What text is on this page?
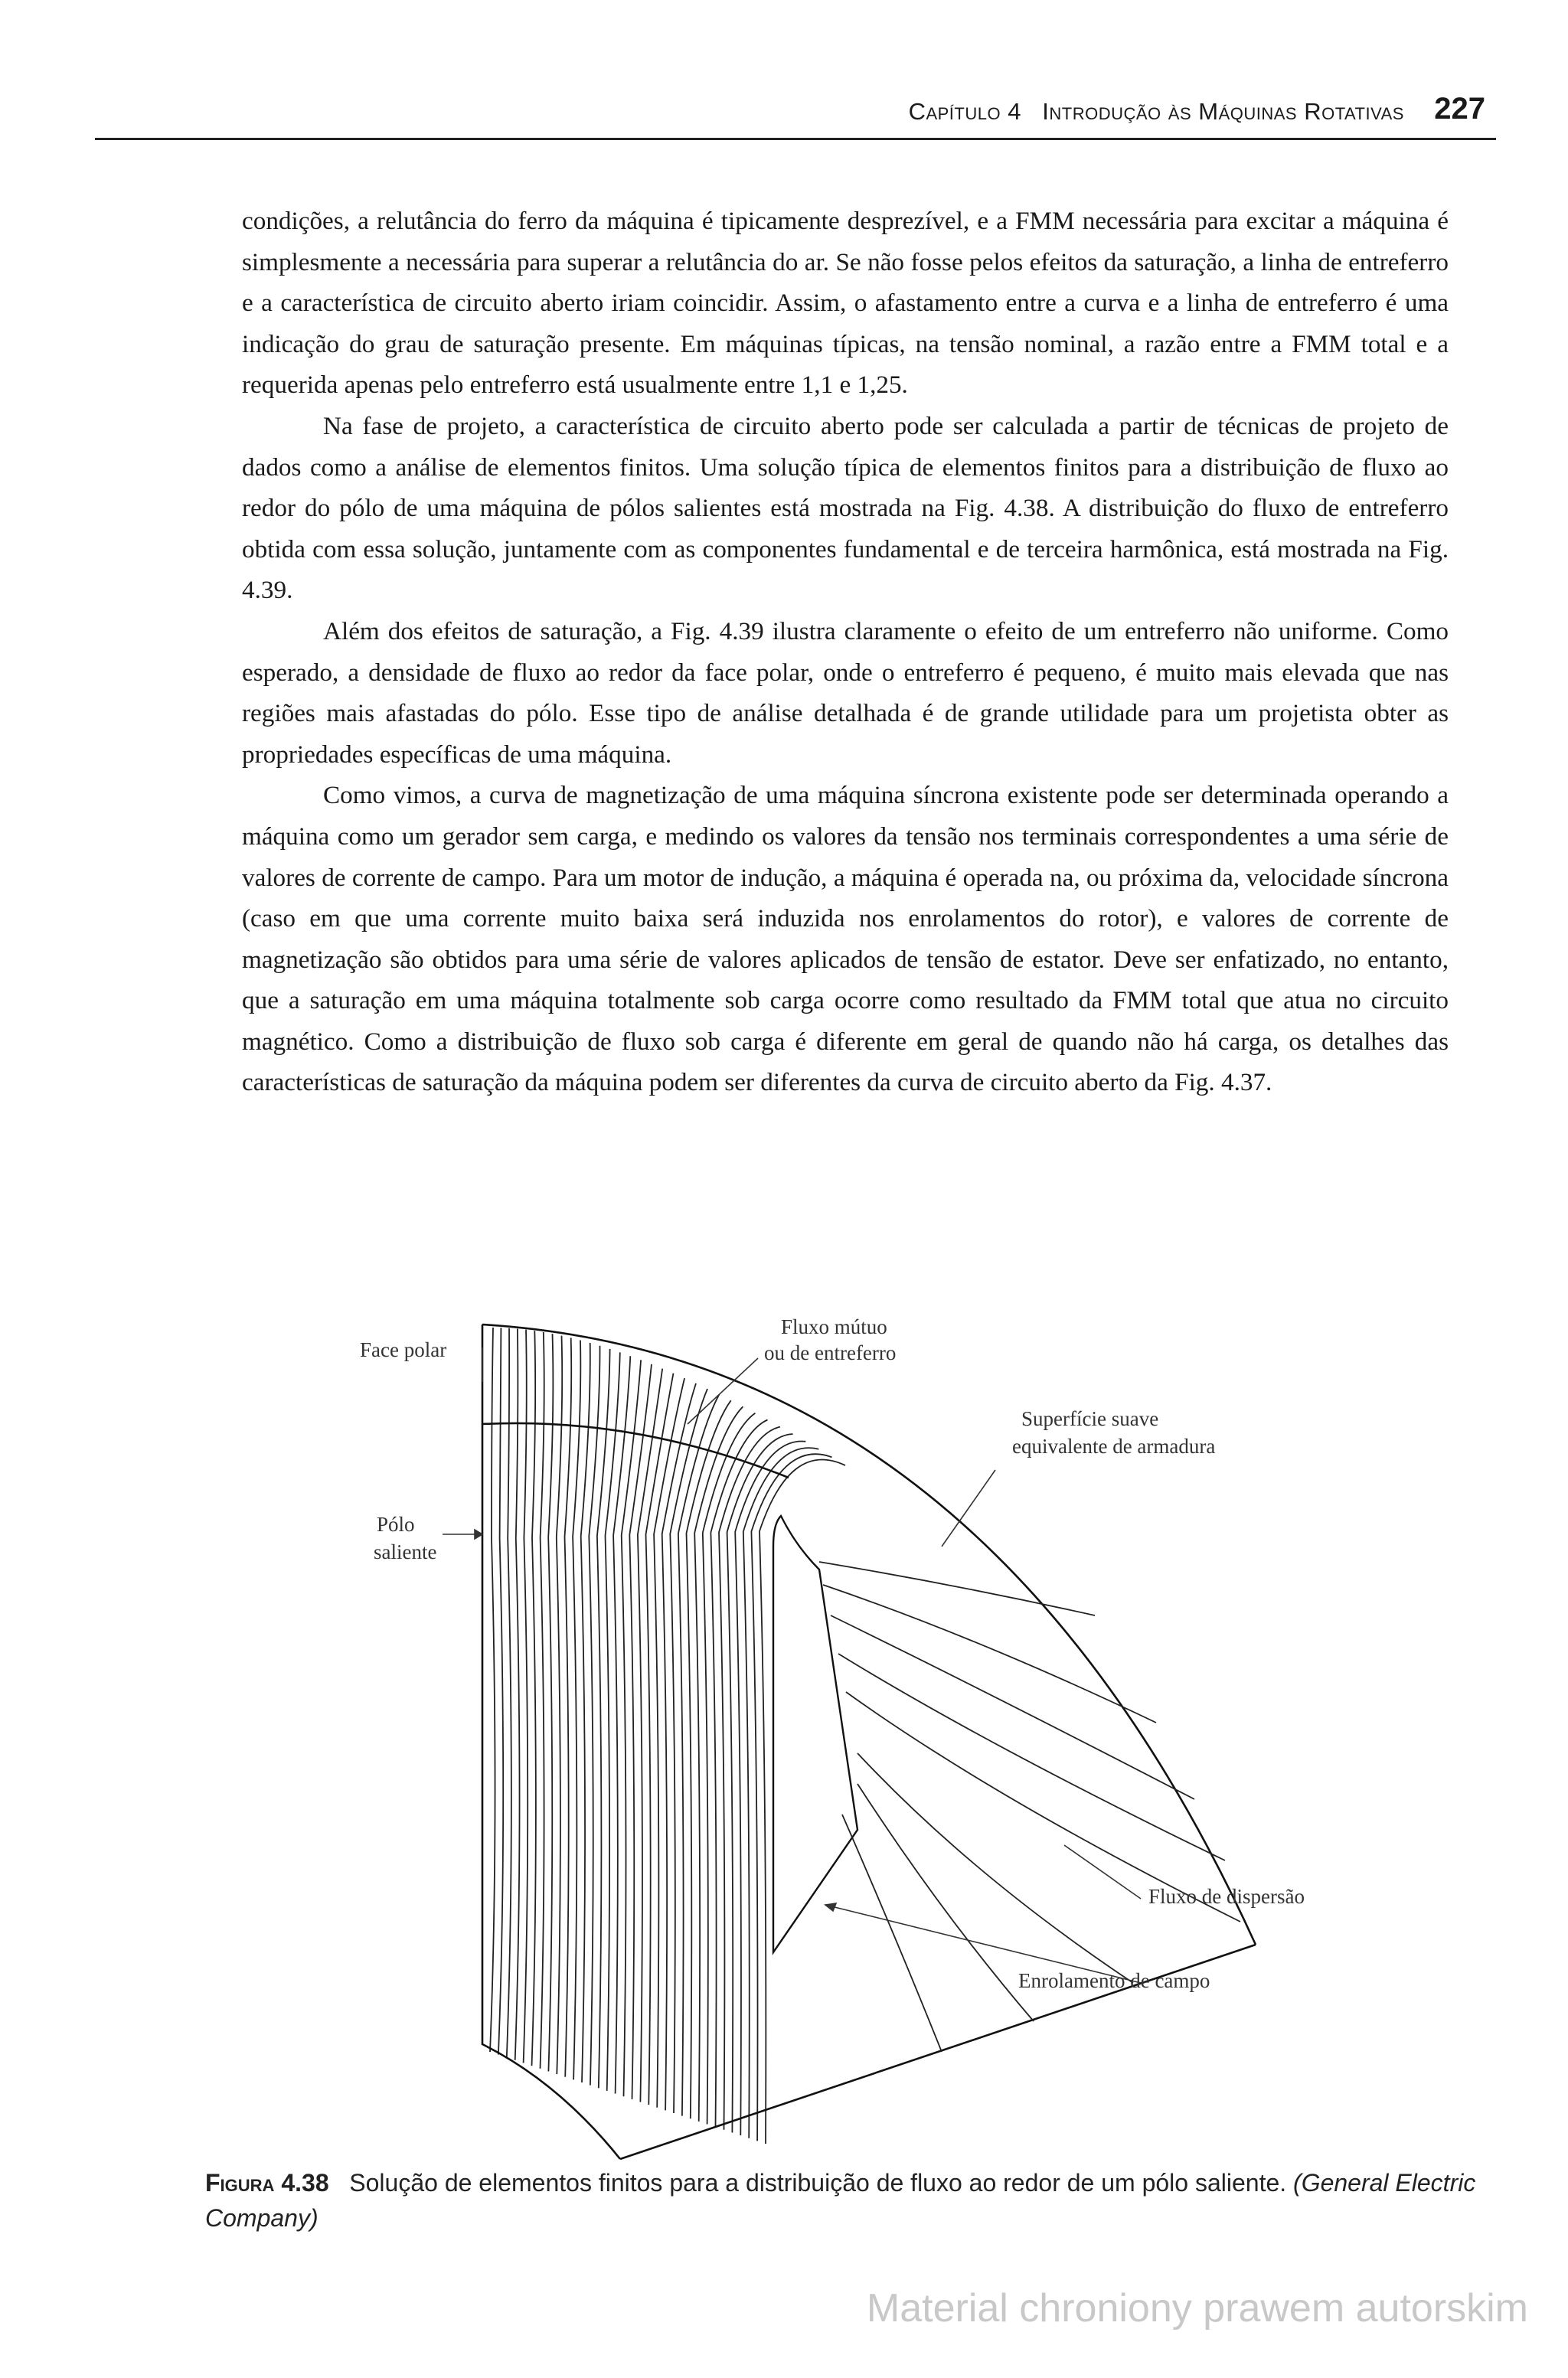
Capítulo 4 Introdução às Máquinas Rotativas 227

condições, a relutância do ferro da máquina é tipicamente desprezível, e a FMM necessária para excitar a máquina é simplesmente a necessária para superar a relutância do ar. Se não fosse pelos efeitos da saturação, a linha de entreferro e a característica de circuito aberto iriam coincidir. Assim, o afastamento entre a curva e a linha de entreferro é uma indicação do grau de saturação presente. Em máquinas típicas, na tensão nominal, a razão entre a FMM total e a requerida apenas pelo entreferro está usualmente entre 1,1 e 1,25.

Na fase de projeto, a característica de circuito aberto pode ser calculada a partir de técnicas de projeto de dados como a análise de elementos finitos. Uma solução típica de elementos finitos para a distribuição de fluxo ao redor do pólo de uma máquina de pólos salientes está mostrada na Fig. 4.38. A distribuição do fluxo de entreferro obtida com essa solução, juntamente com as componentes fundamental e de terceira harmônica, está mostrada na Fig. 4.39.

Além dos efeitos de saturação, a Fig. 4.39 ilustra claramente o efeito de um entreferro não uniforme. Como esperado, a densidade de fluxo ao redor da face polar, onde o entreferro é pequeno, é muito mais elevada que nas regiões mais afastadas do pólo. Esse tipo de análise detalhada é de grande utilidade para um projetista obter as propriedades específicas de uma máquina.

Como vimos, a curva de magnetização de uma máquina síncrona existente pode ser determinada operando a máquina como um gerador sem carga, e medindo os valores da tensão nos terminais correspondentes a uma série de valores de corrente de campo. Para um motor de indução, a máquina é operada na, ou próxima da, velocidade síncrona (caso em que uma corrente muito baixa será induzida nos enrolamentos do rotor), e valores de corrente de magnetização são obtidos para uma série de valores aplicados de tensão de estator. Deve ser enfatizado, no entanto, que a saturação em uma máquina totalmente sob carga ocorre como resultado da FMM total que atua no circuito magnético. Como a distribuição de fluxo sob carga é diferente em geral de quando não há carga, os detalhes das características de saturação da máquina podem ser diferentes da curva de circuito aberto da Fig. 4.37.

Face polar
Fluxo mútuo
ou de entreferro
Superfície suave
equivalente de armadura
Pólo
saliente
Fluxo de dispersão
Enrolamento de campo
Figura 4.38 Solução de elementos finitos para a distribuição de fluxo ao redor de um pólo saliente. (General Electric Company)
Material chroniony prawem autorskim
